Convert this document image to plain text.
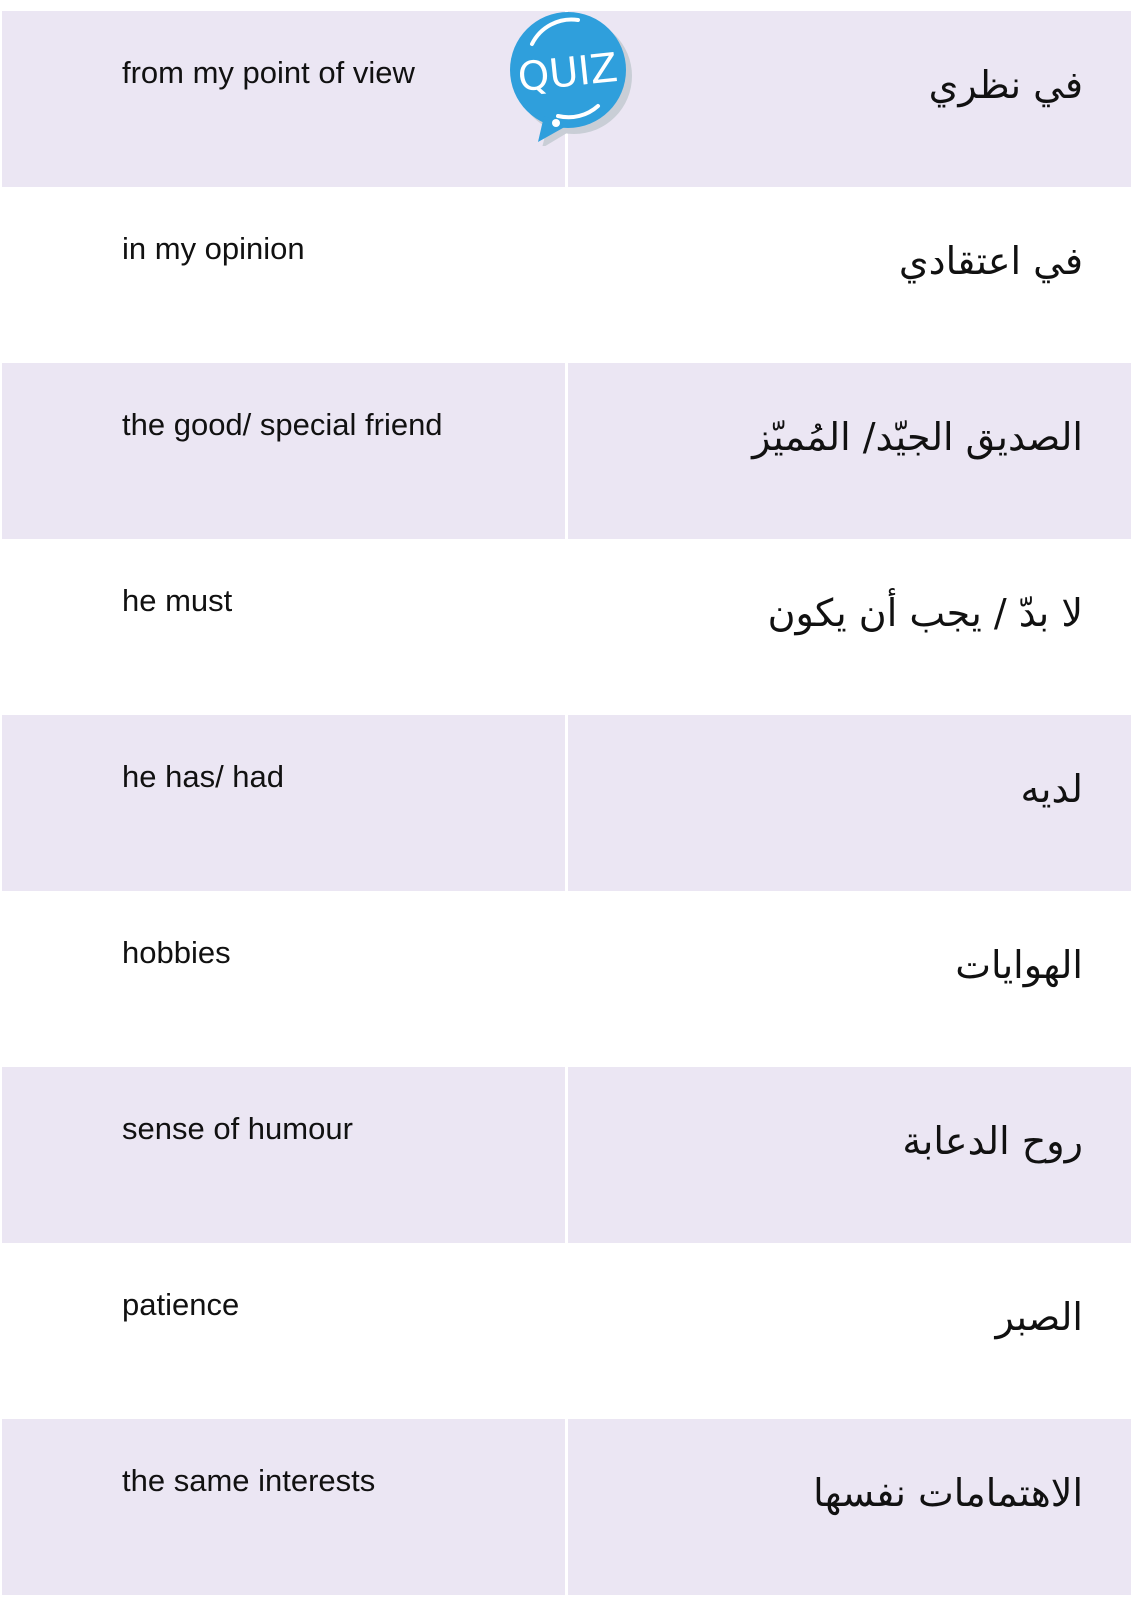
from my point of view	في نظري
in my opinion	في اعتقادي
the good/ special friend	الصديق الجيّد/ المُميّز
he must	لا بدّ / يجب أن يكون
he has/ had	لديه
hobbies	الهوايات
sense of humour	روح الدعابة
patience	الصبر
the same interests	الاهتمامات نفسها
QUIZ
